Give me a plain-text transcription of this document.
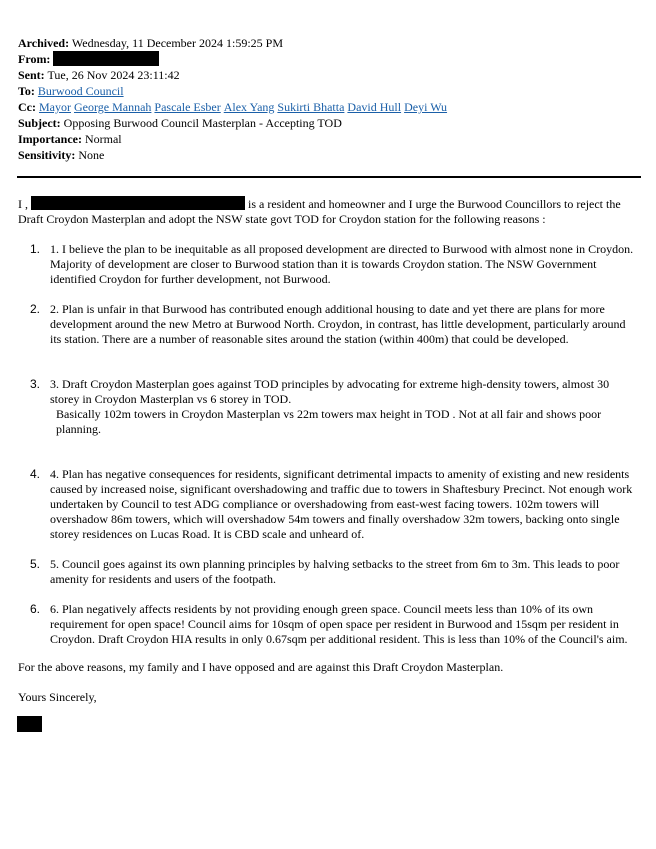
Archived: Wednesday, 11 December 2024 1:59:25 PM
From:
Sent: Tue, 26 Nov 2024 23:11:42
To: Burwood Council
Cc: Mayor George Mannah Pascale Esber Alex Yang Sukirti Bhatta David Hull Deyi Wu
Subject: Opposing Burwood Council Masterplan - Accepting TOD
Importance: Normal
Sensitivity: None

I ,	is a resident and homeowner and I urge the Burwood Councillors to reject the Draft Croydon Masterplan and adopt the NSW state govt TOD for Croydon station for the following reasons :

1. 1. I believe the plan to be inequitable as all proposed development are directed to Burwood with almost none in Croydon. Majority of development are closer to Burwood station than it is towards Croydon station. The NSW Government identified Croydon for further development, not Burwood.
2. 2. Plan is unfair in that Burwood has contributed enough additional housing to date and yet there are plans for more development around the new Metro at Burwood North. Croydon, in contrast, has little development, particularly around its station. There are a number of reasonable sites around the station (within 400m) that could be developed.
3. 3. Draft Croydon Masterplan goes against TOD principles by advocating for extreme high-density towers, almost 30 storey in Croydon Masterplan vs 6 storey in TOD.
Basically 102m towers in Croydon Masterplan vs 22m towers max height in TOD . Not at all fair and shows poor planning.
4. 4. Plan has negative consequences for residents, significant detrimental impacts to amenity of existing and new residents caused by increased noise, significant overshadowing and traffic due to towers in Shaftesbury Precinct. Not enough work undertaken by Council to test ADG compliance or overshadowing from east-west facing towers. 102m towers will overshadow 86m towers, which will overshadow 54m towers and finally overshadow 32m towers, backing onto single storey residences on Lucas Road. It is CBD scale and unheard of.
5. 5. Council goes against its own planning principles by halving setbacks to the street from 6m to 3m. This leads to poor amenity for residents and users of the footpath.
6. 6. Plan negatively affects residents by not providing enough green space. Council meets less than 10% of its own requirement for open space! Council aims for 10sqm of open space per resident in Burwood and 15sqm per resident in Croydon. Draft Croydon HIA results in only 0.67sqm per additional resident. This is less than 10% of the Council's aim.
For the above reasons, my family and I have opposed and are against this Draft Croydon Masterplan.
Yours Sincerely,
